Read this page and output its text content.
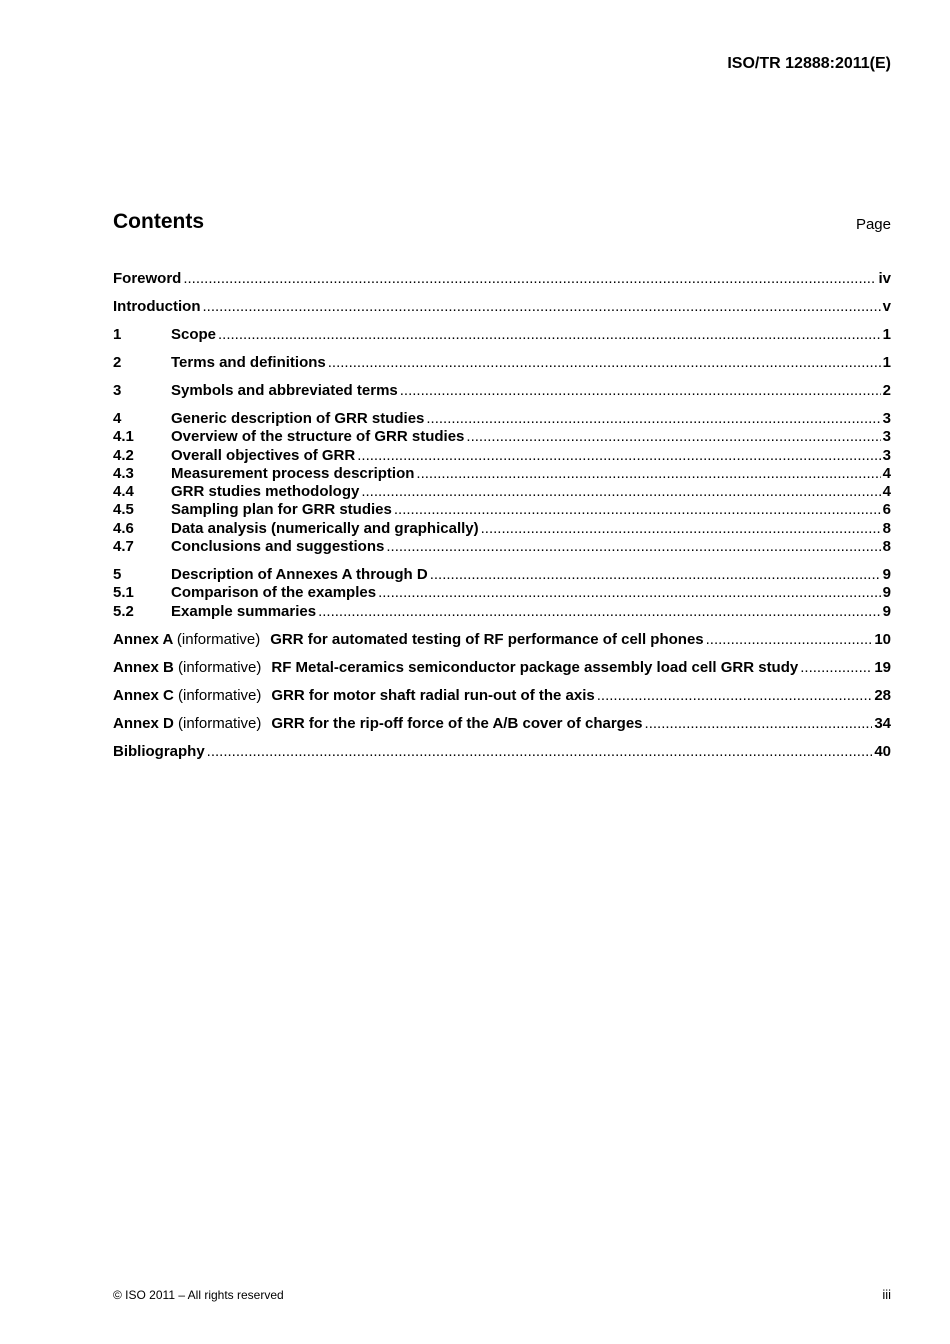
ISO/TR 12888:2011(E)
Contents	Page
Foreword .....	iv
Introduction .....	v
1	Scope .....	1
2	Terms and definitions .....	1
3	Symbols and abbreviated terms .....	2
4	Generic description of GRR studies .....	3
4.1	Overview of the structure of GRR studies .....	3
4.2	Overall objectives of GRR .....	3
4.3	Measurement process description .....	4
4.4	GRR studies methodology .....	4
4.5	Sampling plan for GRR studies .....	6
4.6	Data analysis (numerically and graphically) .....	8
4.7	Conclusions and suggestions .....	8
5	Description of Annexes A through D .....	9
5.1	Comparison of the examples .....	9
5.2	Example summaries .....	9
Annex A (informative) GRR for automated testing of RF performance of cell phones .....	10
Annex B (informative) RF Metal-ceramics semiconductor package assembly load cell GRR study .....	19
Annex C (informative) GRR for motor shaft radial run-out of the axis .....	28
Annex D (informative) GRR for the rip-off force of the A/B cover of charges .....	34
Bibliography .....	40
© ISO 2011 – All rights reserved	iii
